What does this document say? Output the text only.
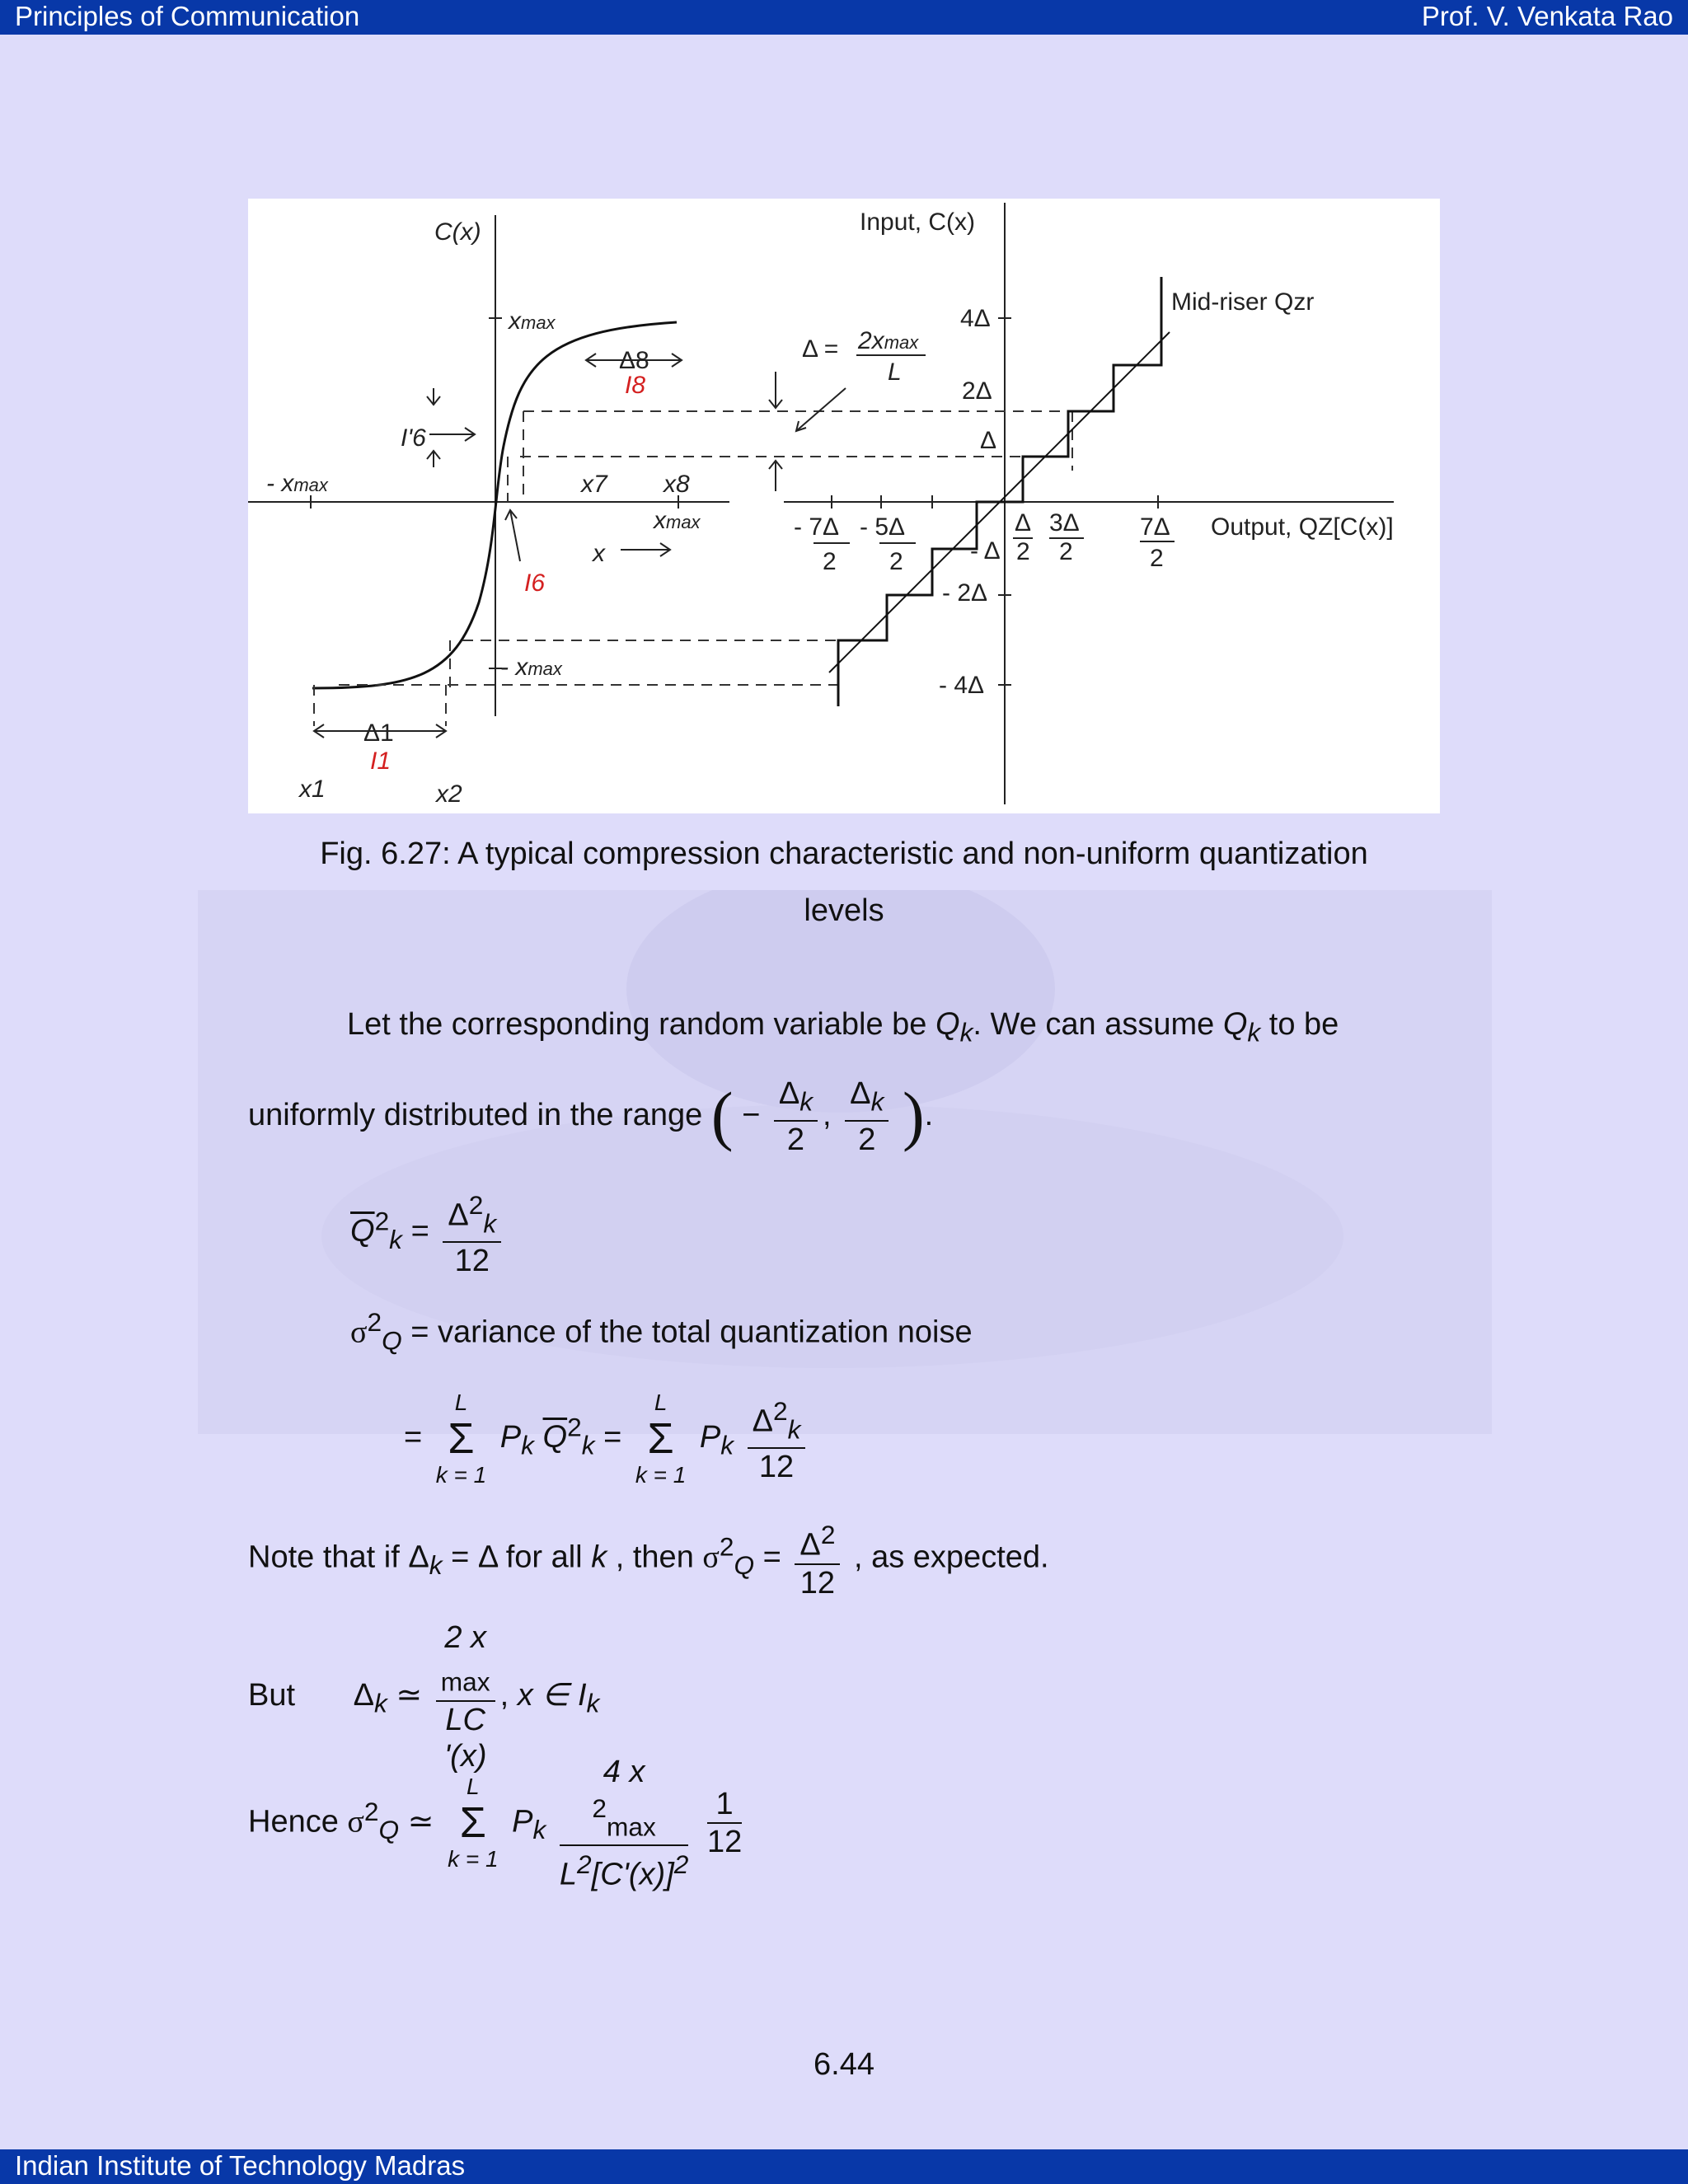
Principles of Communication	Prof. V. Venkata Rao
C(x)	Input, C(x)
Mid-riser Qzr
Output, QZ[C(x)]
xmax
xmax
- xmax
- xmax
Δ = 2xmax
L
Δ8
I8
I6
I'6
I1
Δ1
x1	x2
x7 x8
x
4Δ
2Δ
Δ
- Δ
- 2Δ
- 4Δ
- 7Δ
2
- 5Δ
2
Δ
2
3Δ
2
7Δ
2
Fig. 6.27: A typical compression characteristic and non-uniform quantization
levels
Let the corresponding random variable be $Q_k$. We can assume $Q_k$ to be
uniformly distributed in the range ( − $\frac{\Delta_k}{2}$ , $\frac{\Delta_k}{2}$ ).
$\overline{Q}^2_k = \frac{\Delta^2_k}{12}$
$\sigma^2_Q$ = variance of the total quantization noise
=
L
Σ
k = 1
$P_k$ $\overline{Q}^2_k$ =
L
Σ
k = 1
$P_k \frac{\Delta^2_k}{12}$
Note that if $\Delta_k = \Delta$ for all k , then $\sigma^2_Q = \frac{\Delta^2}{12}$ , as expected.
But $\Delta_k$ ≃ 2 x
$_{max}$
LC
'(x) , x ∈ $I_k$
Hence $\sigma^2_Q$ ≃
L
Σ
k = 1
$P_k$ 4 x
$^2_{max}$
$L^2[C'(x)]^2$
$\frac{1}{12}$
6.44
Indian Institute of Technology Madras
